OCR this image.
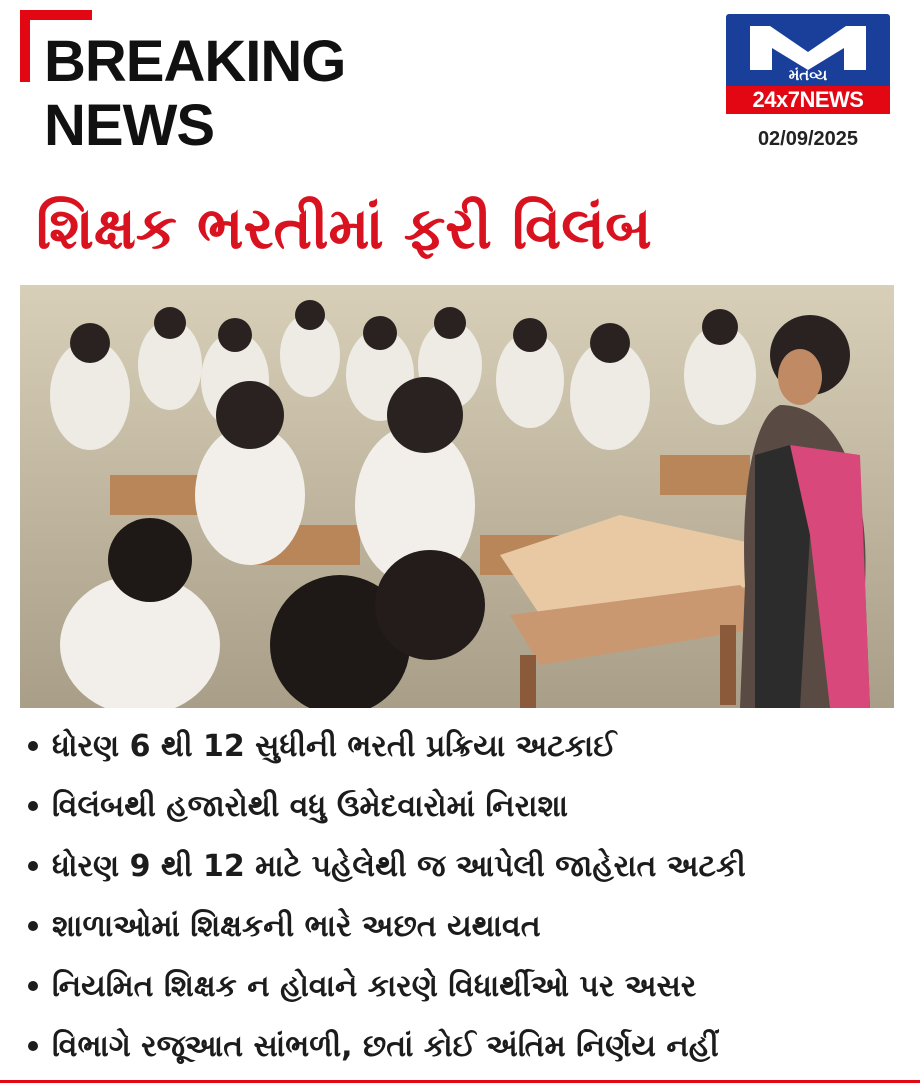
BREAKING
NEWS
મંતવ્ય
24x7NEWS
02/09/2025
શિક્ષક ભરતીમાં ફરી વિલંબ
ધોરણ 6 થી 12 સુધીની ભરતી પ્રક્રિયા અટકાઈ
વિલંબથી હજારોથી વધુ ઉમેદવારોમાં નિરાશા
ધોરણ 9 થી 12 માટે પહેલેથી જ આપેલી જાહેરાત અટકી
શાળાઓમાં શિક્ષકની ભારે અછત યથાવત
નિયમિત શિક્ષક ન હોવાને કારણે વિધાર્થીઓ પર અસર
વિભાગે રજૂઆત સાંભળી, છતાં કોઈ અંતિમ નિર્ણય નહીં
